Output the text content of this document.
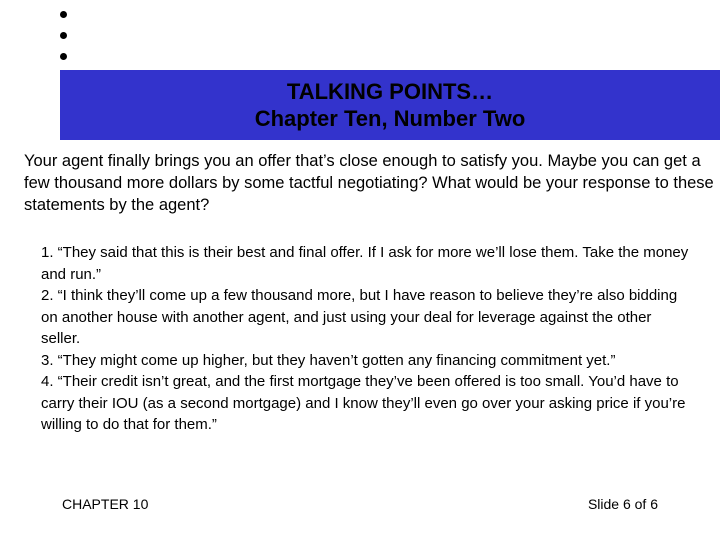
TALKING POINTS…
Chapter Ten, Number Two

Your agent finally brings you an offer that’s close enough to satisfy you. Maybe you can get a few thousand more dollars by some tactful negotiating? What would be your response to these statements by the agent?

1. “They said that this is their best and final offer. If I ask for more we’ll lose them. Take the money and run.”

2. “I think they’ll come up a few thousand more, but I have reason to believe they’re also bidding on another house with another agent, and just using your deal for leverage against the other seller.

3. “They might come up higher, but they haven’t gotten any financing commitment yet.”

4. “Their credit isn’t great, and the first mortgage they’ve been offered is too small. You’d have to carry their IOU (as a second mortgage) and I know they’ll even go over your asking price if you’re willing to do that for them.”

CHAPTER 10	Slide 6 of 6
